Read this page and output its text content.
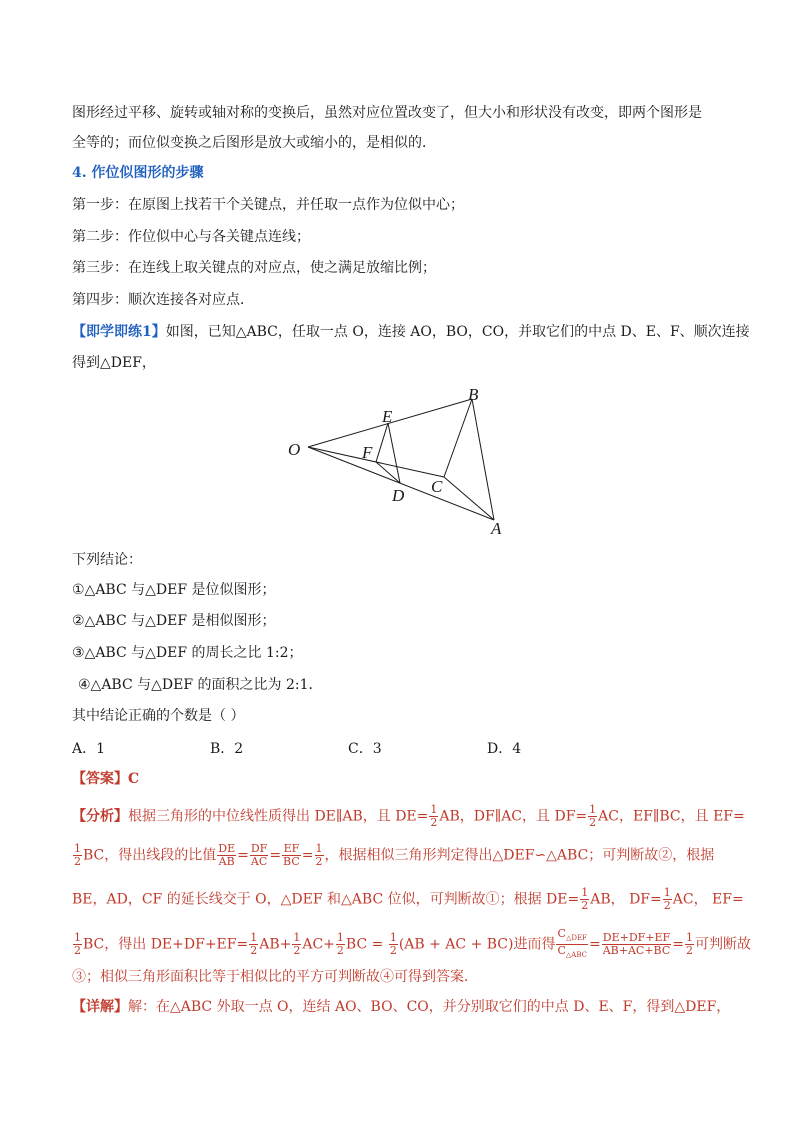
图形经过平移、旋转或轴对称的变换后，虽然对应位置改变了，但大小和形状没有改变，即两个图形是
全等的；而位似变换之后图形是放大或缩小的，是相似的．
4. 作位似图形的步骤
第一步：在原图上找若干个关键点，并任取一点作为位似中心；
第二步：作位似中心与各关键点连线；
第三步：在连线上取关键点的对应点，使之满足放缩比例；
第四步：顺次连接各对应点．
【即学即练1】如图，已知△ABC，任取一点 O，连接 AO，BO，CO，并取它们的中点 D、E、F、顺次连接
得到△DEF，
O
B
E
F
C
D
A
下列结论：
①△ABC 与△DEF 是位似图形；
②△ABC 与△DEF 是相似图形；
③△ABC 与△DEF 的周长之比 1:2；
④△ABC 与△DEF 的面积之比为 2:1．
其中结论正确的个数是（ ）
A．1	B．2	C．3	D．4
【答案】C
【分析】根据三角形的中位线性质得出 DE∥AB，且 $DE= \frac{1}{2}$ AB，DF∥AC，且 $DF= \frac{1}{2}$ AC，EF∥BC，且 EF=
$\frac{1}{2}$ BC，得出线段的比值 $\frac{DE}{AB} = \frac{DF}{AC} = \frac{EF}{BC} = \frac{1}{2}$ ，根据相似三角形判定得出△DEF∽△ABC；可判断故②，根据
BE，AD，CF 的延长线交于 O，△DEF 和△ABC 位似，可判断故①；根据 $DE= \frac{1}{2}$ AB， $DF= \frac{1}{2}$ AC， EF=
$\frac{1}{2}$ BC，得出 $DE+DF+EF= \frac{1}{2} AB+ \frac{1}{2} AC+ \frac{1}{2}$ BC = $\frac{1}{2} (AB$ + AC + BC)进而得 $\frac{C_{\triangle DEF}}{C_{\triangle ABC}} = \frac{DE+DF+EF}{AB+AC+BC} = \frac{1}{2}$ 可判断故
③；相似三角形面积比等于相似比的平方可判断故④可得到答案．
【详解】解：在△ABC 外取一点 O，连结 AO、BO、CO，并分别取它们的中点 D、E、F，得到△DEF，
